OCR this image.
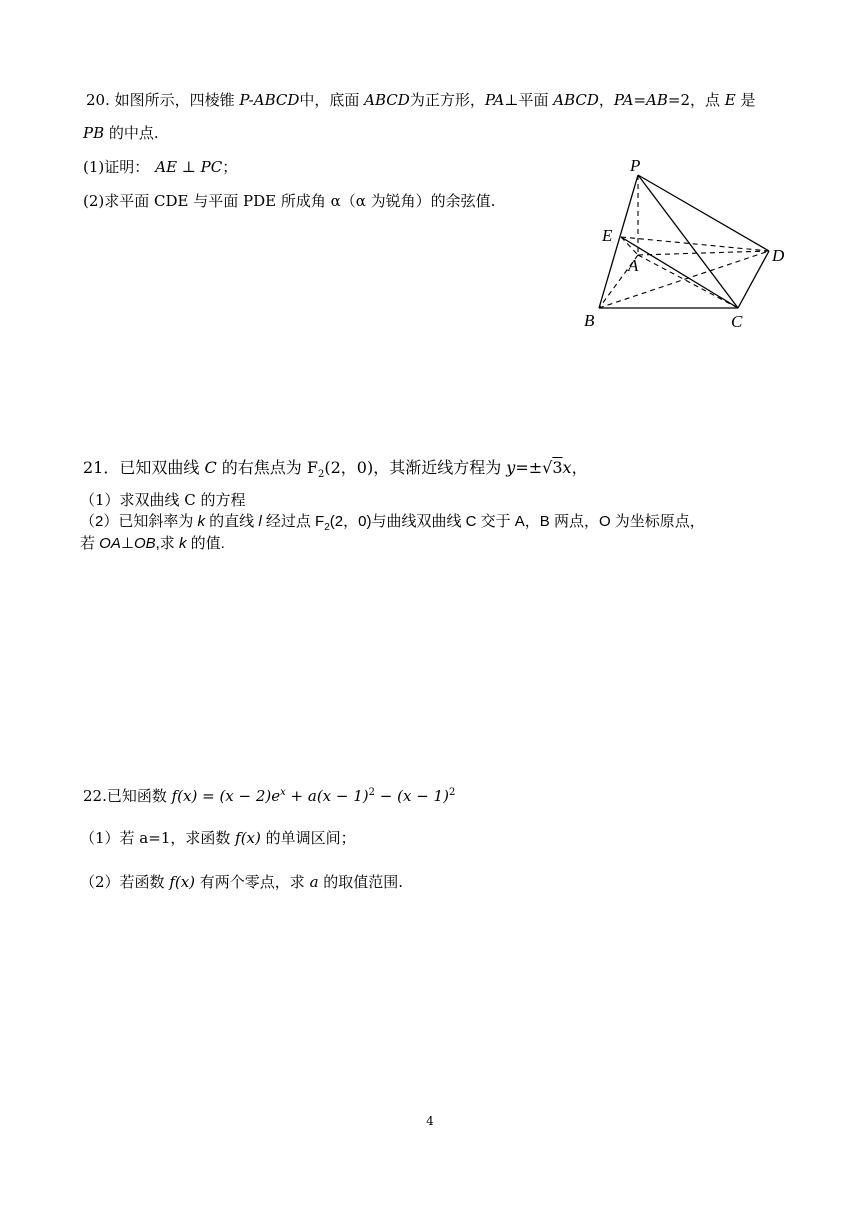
20. 如图所示，四棱锥 P-ABCD中，底面 ABCD为正方形，PA⊥平面 ABCD，PA=AB=2，点 E 是
PB 的中点.
(1)证明： AE ⊥ PC；
(2)求平面 CDE 与平面 PDE 所成角 α（α 为锐角）的余弦值.
P
E
A
D
B	C
21．已知双曲线 C 的右焦点为 $F_2(2$，0)，其渐近线方程为 y=±√3x，
（1）求双曲线 C 的方程
（2）已知斜率为 k 的直线 l 经过点 $F_2(2$，0)与曲线双曲线 C 交于 A，B 两点，O 为坐标原点，
若 OA⊥OB,求 k 的值.
22.已知函数 $f(x) = (x - 2)e^x + a(x - 1)^2 - (x - 1)^2$
（1）若 a=1，求函数 f(x) 的单调区间；
（2）若函数 f(x) 有两个零点，求 a 的取值范围.
4
